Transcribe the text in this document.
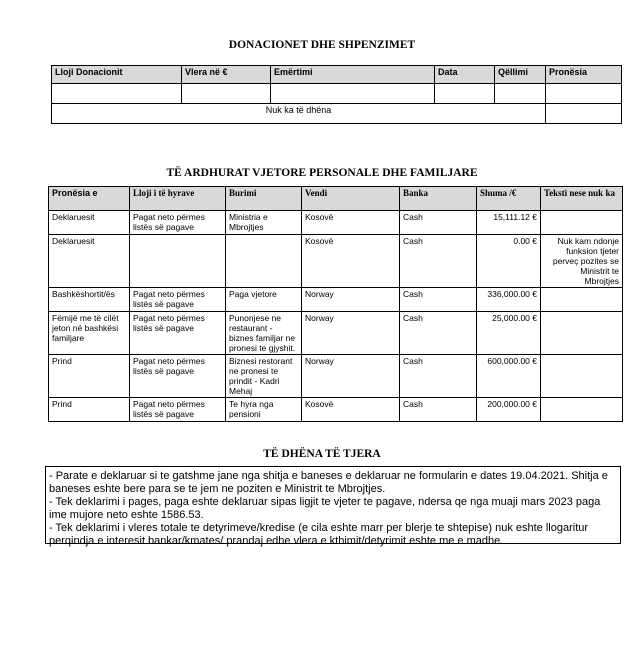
DONACIONET DHE SHPENZIMET
Lloji Donacionit	Vlera në €	Emërtimi	Data	Qëllimi	Pronësia

Nuk ka të dhëna					
TË ARDHURAT VJETORE PERSONALE DHE FAMILJARE
Pronësia e	Lloji i të hyrave	Burimi	Vendi	Banka	Shuma /€	Teksti nese nuk ka
Deklaruesit	Pagat neto përmes listës së pagave	Ministria e Mbrojtjes	Kosovë	Cash	15,111.12 €	
Deklaruesit			Kosovë	Cash	0.00 €	Nuk kam ndonje funksion tjeter perveç pozites se Ministrit te Mbrojtjes
Bashkëshortit/ës	Pagat neto përmes listës së pagave	Paga vjetore	Norway	Cash	336,000.00 €	
Fëmijë me të cilët jeton në bashkësi familjare	Pagat neto përmes listës së pagave	Punonjese ne restaurant - biznes familjar ne pronesi te gjyshit.	Norway	Cash	25,000.00 €	
Prind	Pagat neto përmes listës së pagave	Biznesi restorant ne pronesi te prindit - Kadri Mehaj	Norway	Cash	600,000.00 €	
Prind	Pagat neto përmes listës së pagave	Te hyra nga pensioni	Kosovë	Cash	200,000.00 €	
TË DHËNA TË TJERA

- Parate e deklaruar si te gatshme jane nga shitja e baneses e deklaruar ne formularin e dates 19.04.2021. Shitja e baneses eshte bere para se te jem ne poziten e Ministrit te Mbrojtjes.

- Tek deklarimi i pages, paga eshte deklaruar sipas ligjit te vjeter te pagave, ndersa qe nga muaji mars 2023 paga ime mujore neto eshte 1586.53.

- Tek deklarimi i vleres totale te detyrimeve/kredise (e cila eshte marr per blerje te shtepise) nuk eshte llogaritur perqindja e interesit bankar/kmates/ prandaj edhe vlera e kthimit/detyrimit eshte me e madhe.
